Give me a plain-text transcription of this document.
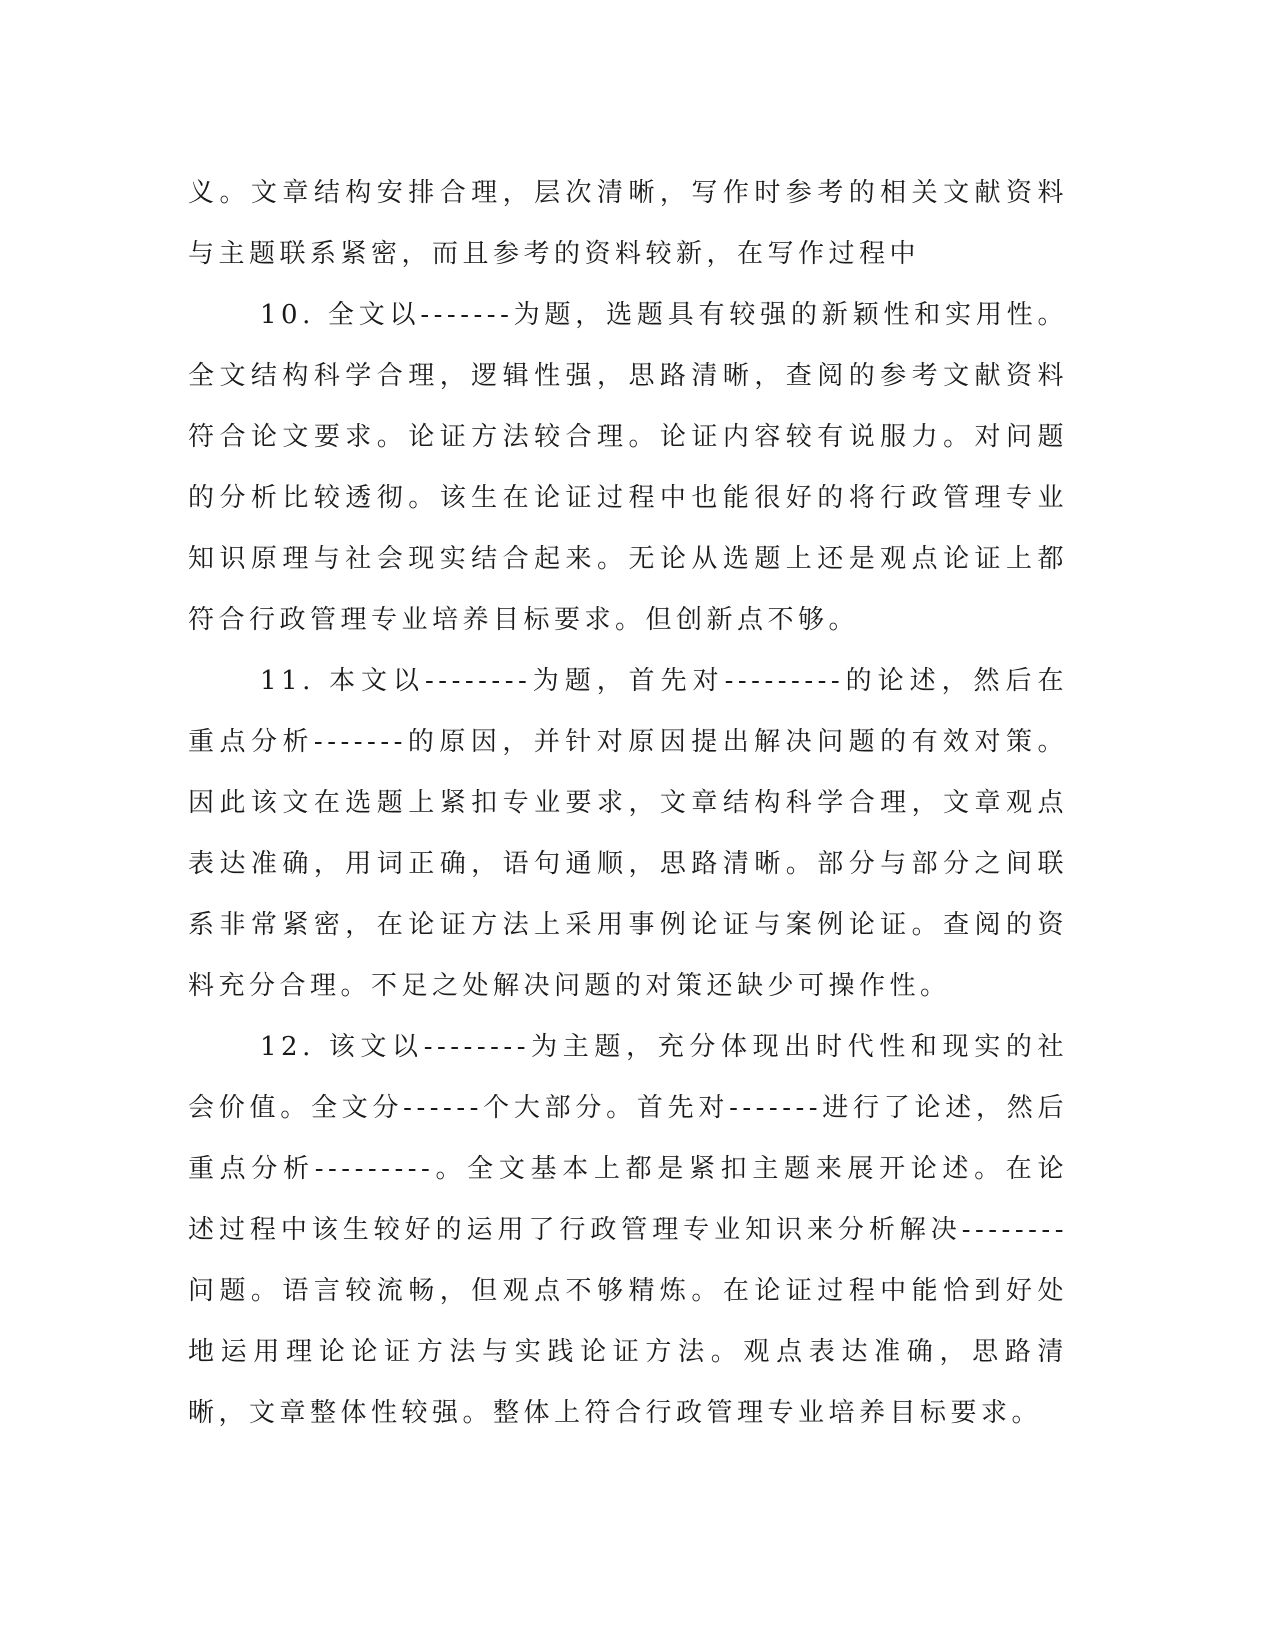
义。文章结构安排合理，层次清晰，写作时参考的相关文献资料与主题联系紧密，而且参考的资料较新，在写作过程中

10. 全文以-------为题，选题具有较强的新颖性和实用性。全文结构科学合理，逻辑性强，思路清晰，查阅的参考文献资料符合论文要求。论证方法较合理。论证内容较有说服力。对问题的分析比较透彻。该生在论证过程中也能很好的将行政管理专业知识原理与社会现实结合起来。无论从选题上还是观点论证上都符合行政管理专业培养目标要求。但创新点不够。

11. 本文以--------为题，首先对---------的论述，然后在重点分析-------的原因，并针对原因提出解决问题的有效对策。因此该文在选题上紧扣专业要求，文章结构科学合理，文章观点表达准确，用词正确，语句通顺，思路清晰。部分与部分之间联系非常紧密，在论证方法上采用事例论证与案例论证。查阅的资料充分合理。不足之处解决问题的对策还缺少可操作性。

12. 该文以--------为主题，充分体现出时代性和现实的社会价值。全文分------个大部分。首先对-------进行了论述，然后重点分析---------。全文基本上都是紧扣主题来展开论述。在论述过程中该生较好的运用了行政管理专业知识来分析解决--------问题。语言较流畅，但观点不够精炼。在论证过程中能恰到好处地运用理论论证方法与实践论证方法。观点表达准确，思路清晰，文章整体性较强。整体上符合行政管理专业培养目标要求。
